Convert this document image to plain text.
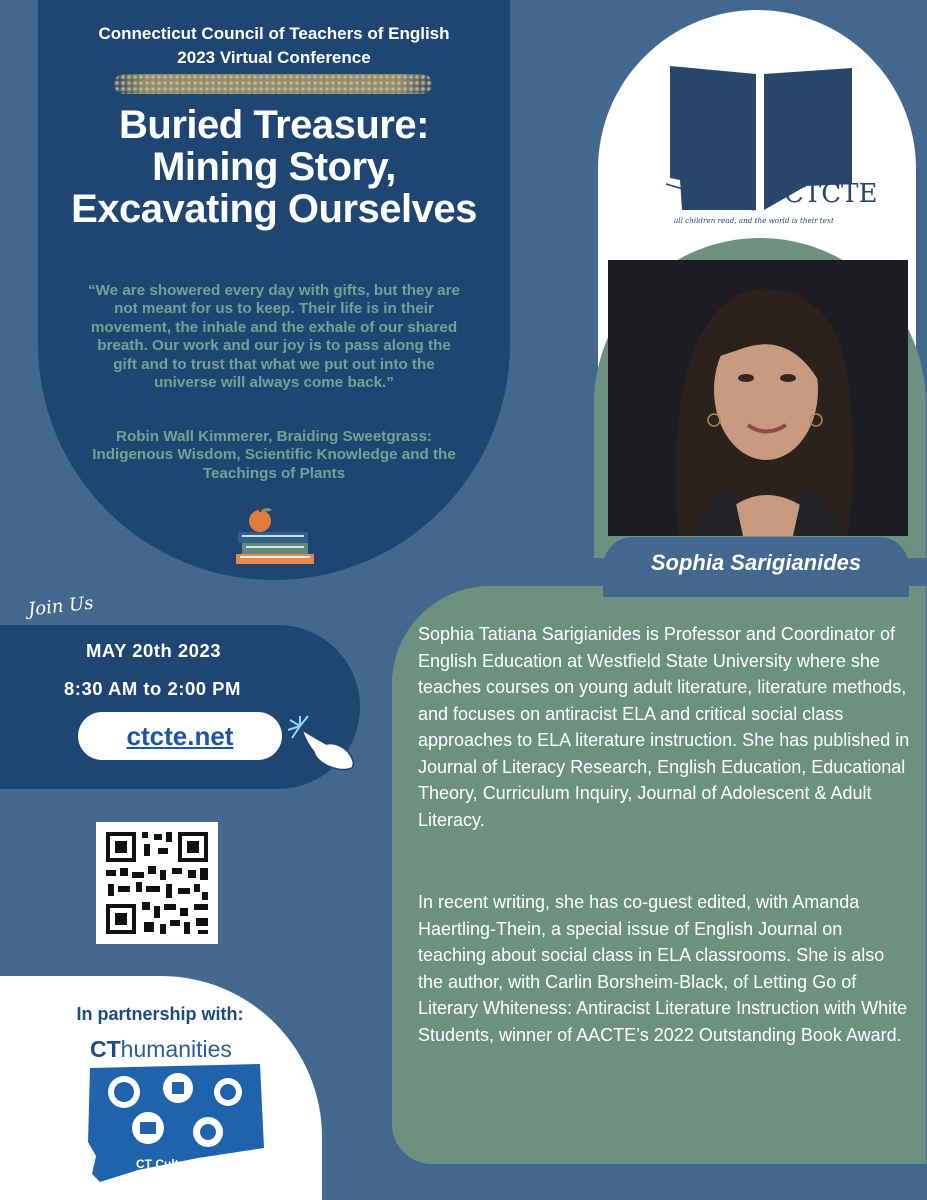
Connecticut Council of Teachers of English
2023 Virtual Conference
Buried Treasure:
Mining Story,
Excavating Ourselves
“We are showered every day with gifts, but they are not meant for us to keep. Their life is in their movement, the inhale and the exhale of our shared breath. Our work and our joy is to pass along the gift and to trust that what we put out into the universe will always come back.”
Robin Wall Kimmerer, Braiding Sweetgrass: Indigenous Wisdom, Scientific Knowledge and the Teachings of Plants
CTCTE
all children read, and the world is their text
Sophia Sarigianides
Sophia Tatiana Sarigianides is Professor and Coordinator of English Education at Westfield State University where she teaches courses on young adult literature, literature methods, and focuses on antiracist ELA and critical social class approaches to ELA literature instruction. She has published in Journal of Literacy Research, English Education, Educational Theory, Curriculum Inquiry, Journal of Adolescent & Adult Literacy.
In recent writing, she has co-guest edited, with Amanda Haertling-Thein, a special issue of English Journal on teaching about social class in ELA classrooms. She is also the author, with Carlin Borsheim-Black, of Letting Go of Literary Whiteness: Antiracist Literature Instruction with White Students, winner of AACTE’s 2022 Outstanding Book Award.
Join Us
MAY 20th 2023
8:30 AM to 2:00 PM
ctcte.net
In partnership with:
CThumanities
CT Cultural Fund
